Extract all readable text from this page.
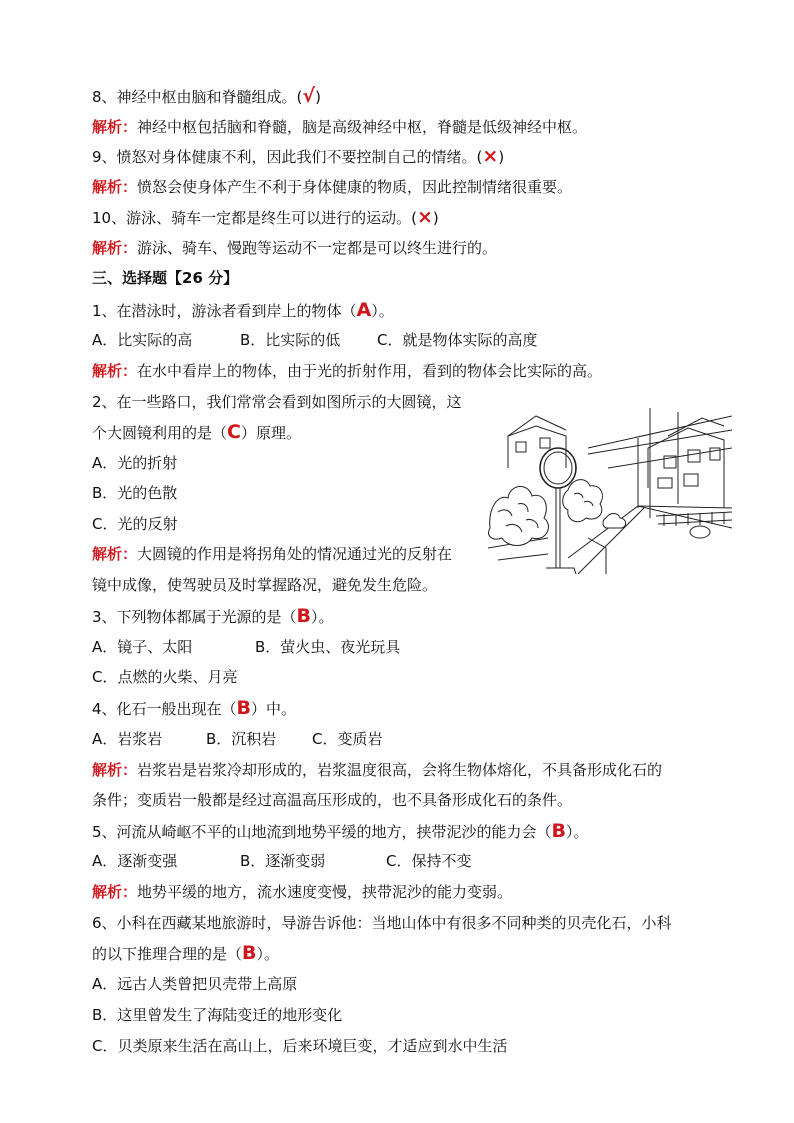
8、神经中枢由脑和脊髓组成。(√)
解析：神经中枢包括脑和脊髓，脑是高级神经中枢，脊髓是低级神经中枢。
9、愤怒对身体健康不利，因此我们不要控制自己的情绪。(×)
解析：愤怒会使身体产生不利于身体健康的物质，因此控制情绪很重要。
10、游泳、骑车一定都是终生可以进行的运动。(×)
解析：游泳、骑车、慢跑等运动不一定都是可以终生进行的。
三、选择题【26 分】
1、在潜泳时，游泳者看到岸上的物体（A）。
A．比实际的高	B．比实际的低 C．就是物体实际的高度
解析：在水中看岸上的物体，由于光的折射作用，看到的物体会比实际的高。
2、在一些路口，我们常常会看到如图所示的大圆镜，这
个大圆镜利用的是（C）原理。
A．光的折射
B．光的色散
C．光的反射
解析：大圆镜的作用是将拐角处的情况通过光的反射在
镜中成像，使驾驶员及时掌握路况，避免发生危险。
3、下列物体都属于光源的是（B）。
A．镜子、太阳	B．萤火虫、夜光玩具
C．点燃的火柴、月亮
4、化石一般出现在（B）中。
A．岩浆岩	B．沉积岩 C．变质岩
解析：岩浆岩是岩浆冷却形成的，岩浆温度很高，会将生物体熔化，不具备形成化石的
条件；变质岩一般都是经过高温高压形成的，也不具备形成化石的条件。
5、河流从崎岖不平的山地流到地势平缓的地方，挟带泥沙的能力会（B）。
A．逐渐变强	B．逐渐变弱	C．保持不变
解析：地势平缓的地方，流水速度变慢，挟带泥沙的能力变弱。
6、小科在西藏某地旅游时，导游告诉他：当地山体中有很多不同种类的贝壳化石，小科
的以下推理合理的是（B）。
A．远古人类曾把贝壳带上高原
B．这里曾发生了海陆变迁的地形变化
C．贝类原来生活在高山上，后来环境巨变，才适应到水中生活
